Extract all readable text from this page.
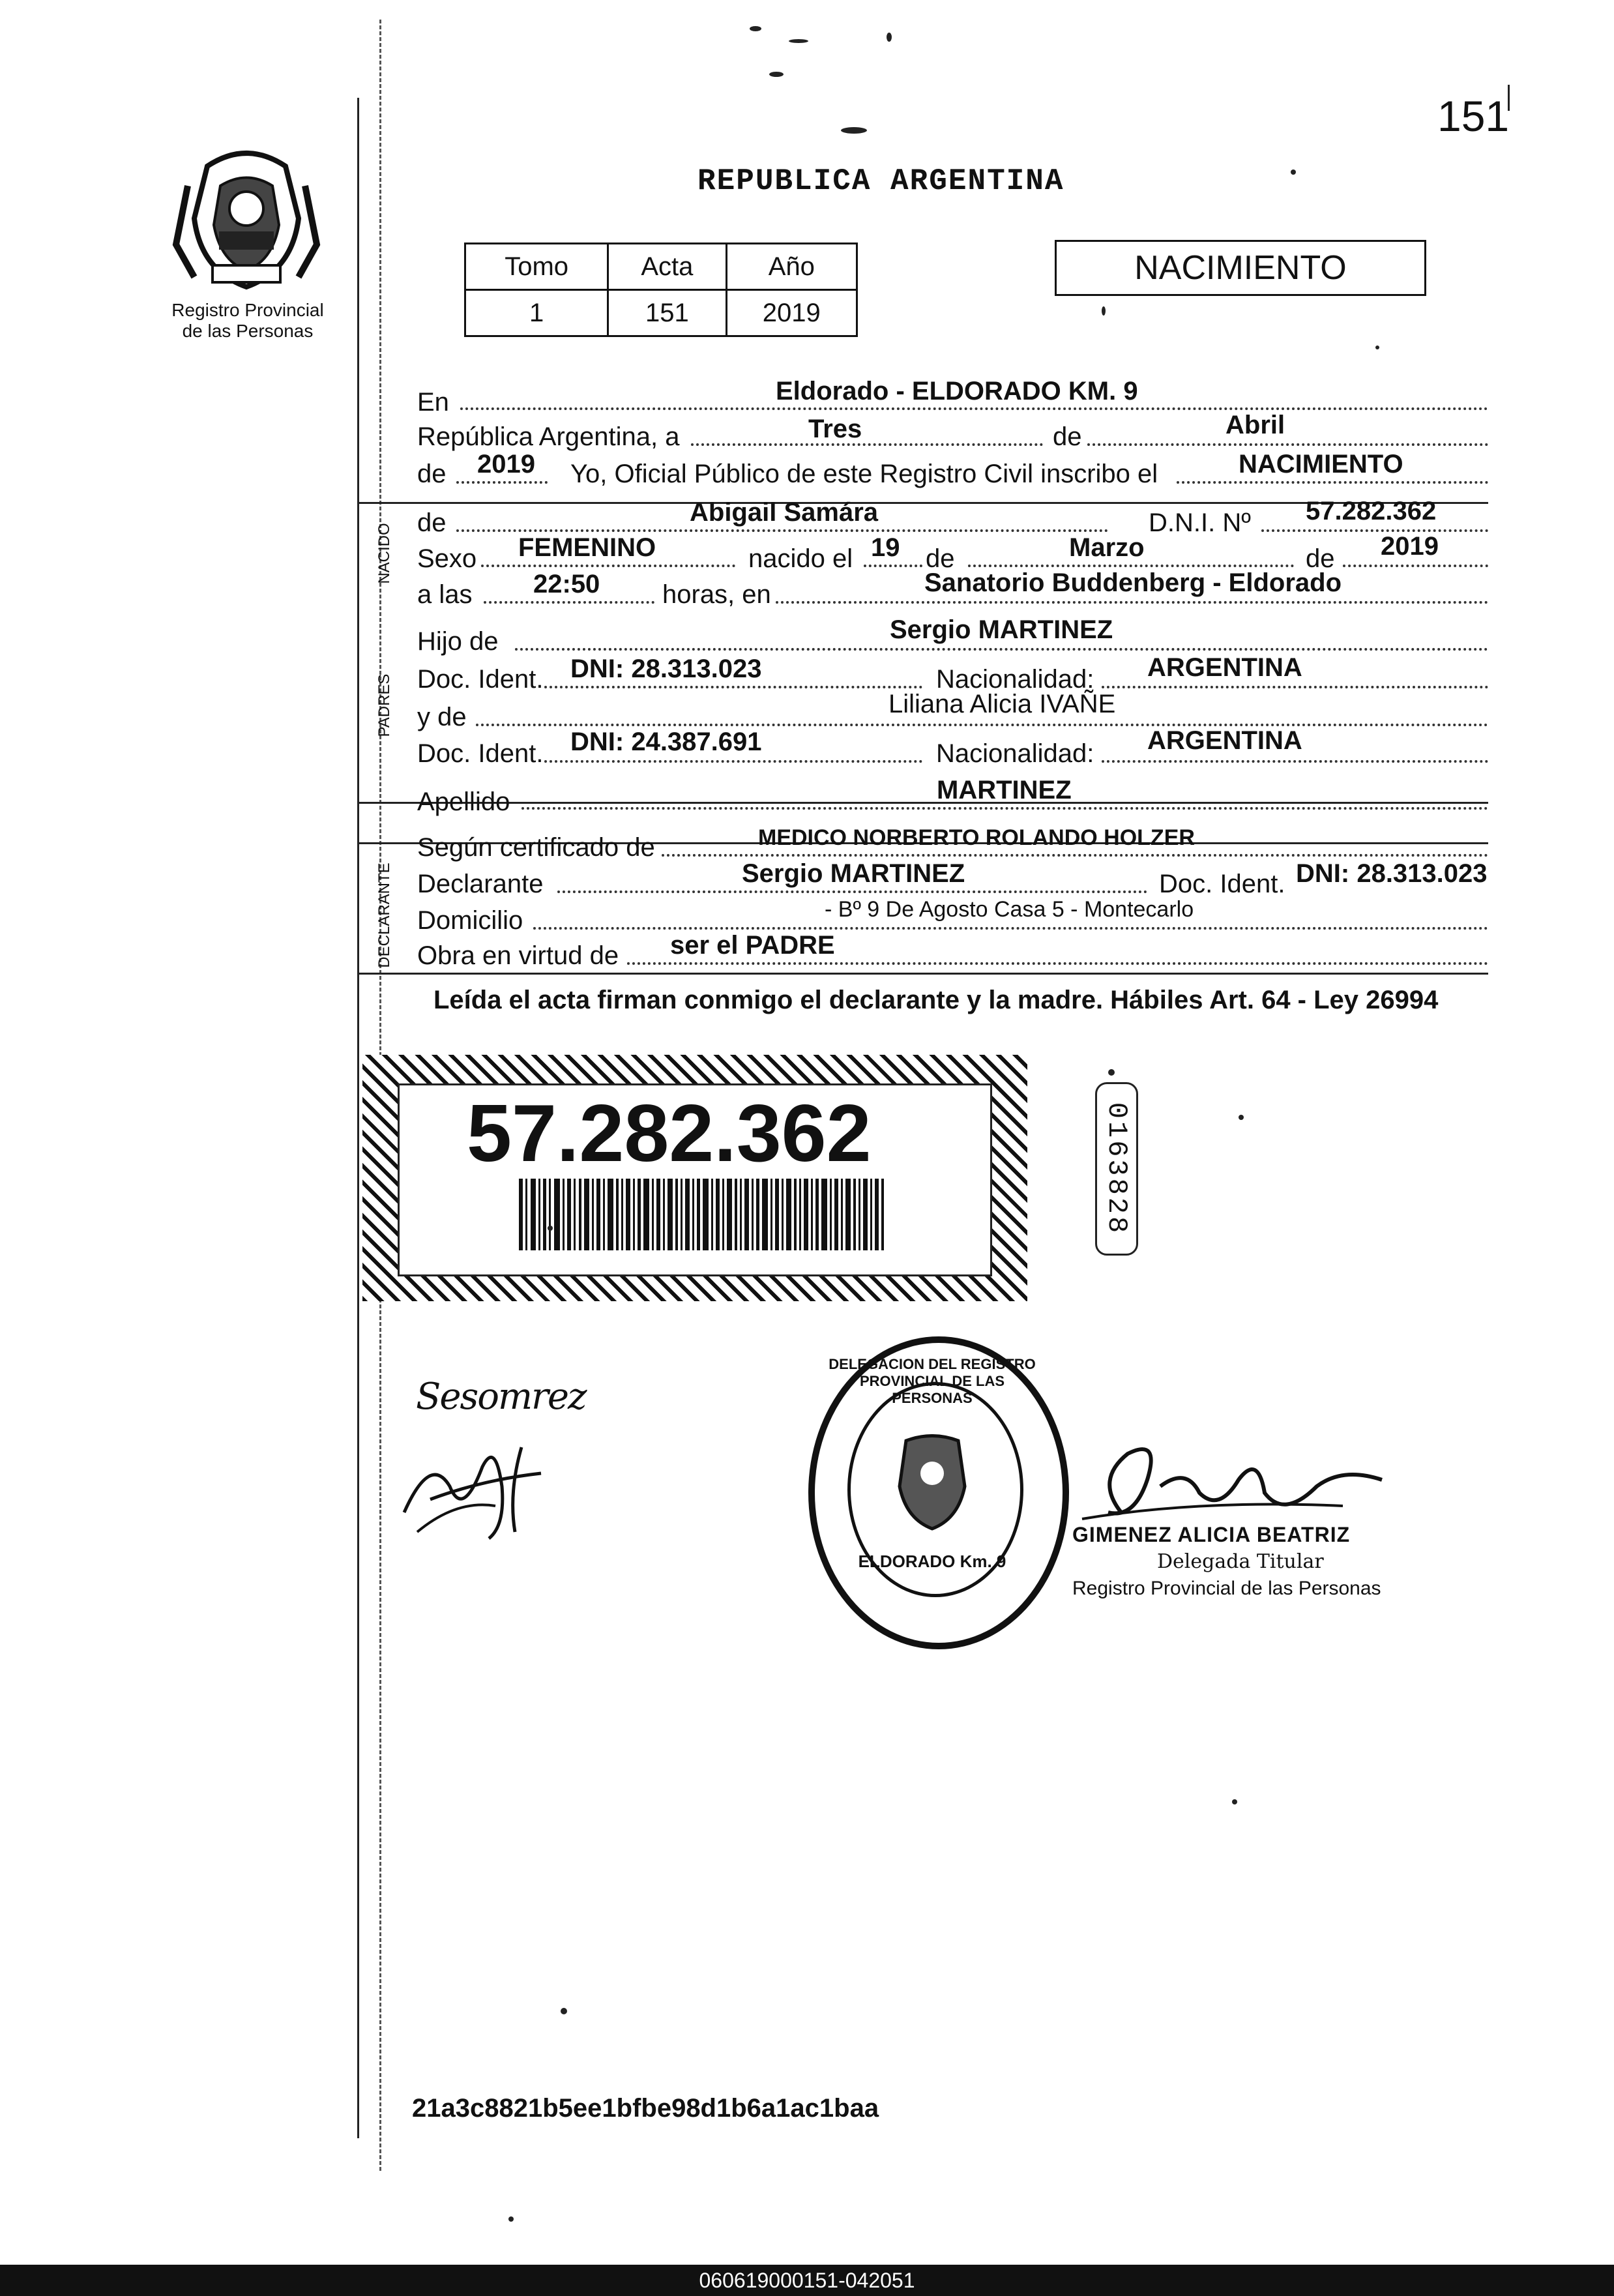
Registro Provincial
de las Personas
151
REPUBLICA ARGENTINA
Tomo	Acta	Año
1	151	2019
NACIMIENTO
NACIDO
PADRES
DECLARANTE
En	Eldorado - ELDORADO KM. 9
República Argentina, a	Tres	de	Abril
de 2019 Yo, Oficial Público de este Registro Civil inscribo el	NACIMIENTO
de	Abigail Samára	D.N.I. Nº 57.282.362
Sexo FEMENINO	nacido el 19 de	Marzo	de 2019
a las 22:50 horas, en	Sanatorio Buddenberg - Eldorado
Hijo de	Sergio MARTINEZ
Doc. Ident. DNI: 28.313.023	Nacionalidad: ARGENTINA
y de	Liliana Alicia IVAÑE
Doc. Ident. DNI: 24.387.691	Nacionalidad: ARGENTINA
Apellido	MARTINEZ
Según certificado de	MEDICO NORBERTO ROLANDO HOLZER
Declarante	Sergio MARTINEZ	Doc. Ident. DNI: 28.313.023
Domicilio	- Bº 9 De Agosto Casa 5 - Montecarlo
Obra en virtud de ser el PADRE
Leída el acta firman conmigo el declarante y la madre. Hábiles Art. 64 - Ley 26994
57.282.362	0163828
Sesomrez
DELEGACION DEL REGISTRO PROVINCIAL DE LAS PERSONAS
ELDORADO Km. 9
GIMENEZ ALICIA BEATRIZ
Delegada Titular
Registro Provincial de las Personas
21a3c8821b5ee1bfbe98d1b6a1ac1baa
060619000151-042051
